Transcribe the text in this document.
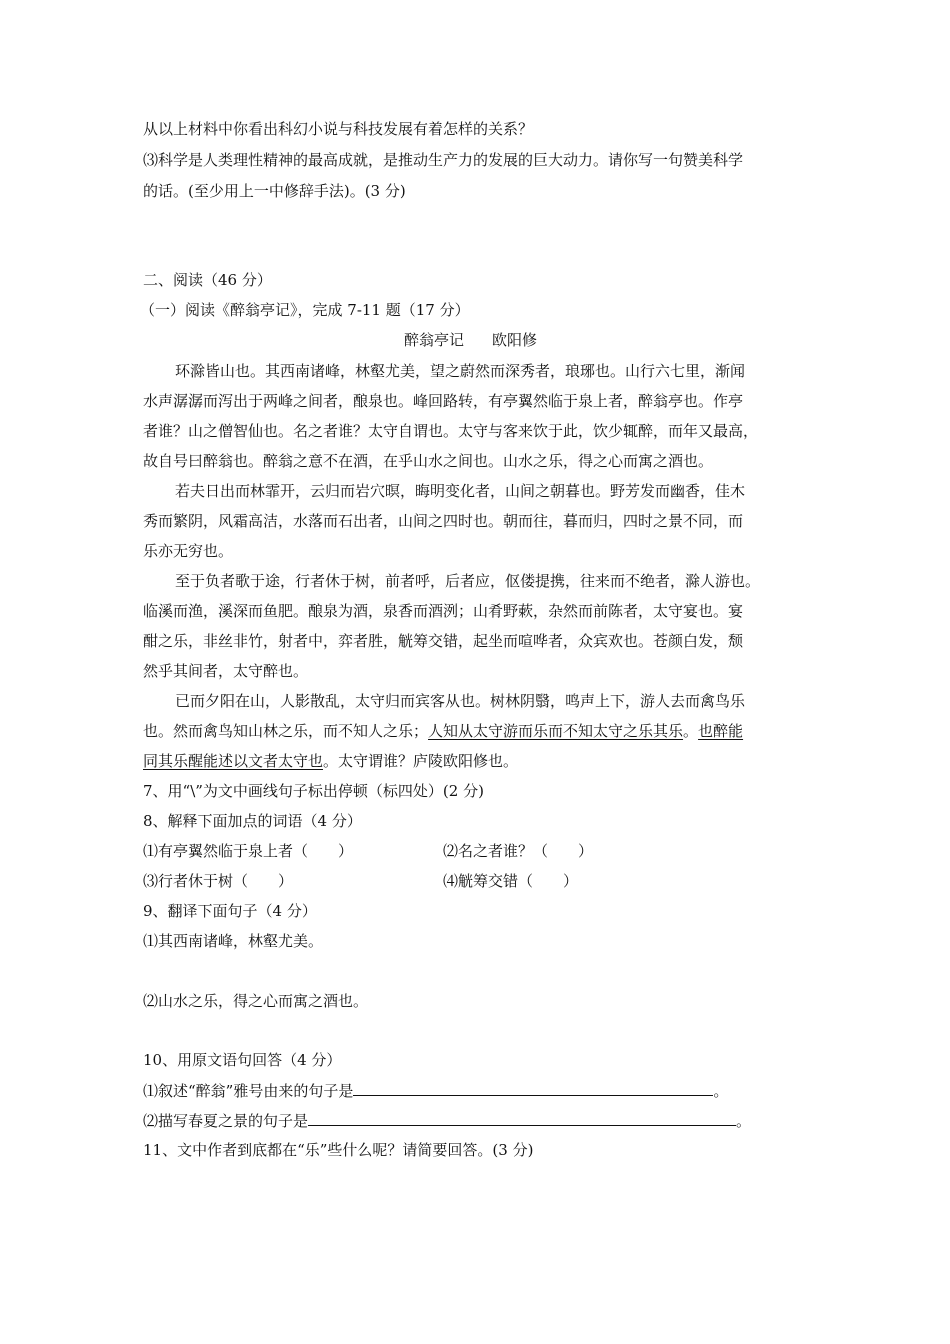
从以上材料中你看出科幻小说与科技发展有着怎样的关系？
⑶科学是人类理性精神的最高成就，是推动生产力的发展的巨大动力。请你写一句赞美科学
的话。(至少用上一中修辞手法)。(3 分)
二、阅读（46 分）
（一）阅读《醉翁亭记》，完成 7-11 题（17 分）
醉翁亭记 欧阳修
环滁皆山也。其西南诸峰，林壑尤美，望之蔚然而深秀者，琅琊也。山行六七里，渐闻
水声潺潺而泻出于两峰之间者，酿泉也。峰回路转，有亭翼然临于泉上者，醉翁亭也。作亭
者谁？山之僧智仙也。名之者谁？太守自谓也。太守与客来饮于此，饮少辄醉，而年又最高，
故自号曰醉翁也。醉翁之意不在酒，在乎山水之间也。山水之乐，得之心而寓之酒也。
若夫日出而林霏开，云归而岩穴暝，晦明变化者，山间之朝暮也。野芳发而幽香，佳木
秀而繁阴，风霜高洁，水落而石出者，山间之四时也。朝而往，暮而归，四时之景不同，而
乐亦无穷也。
至于负者歌于途，行者休于树，前者呼，后者应，伛偻提携，往来而不绝者，滁人游也。
临溪而渔，溪深而鱼肥。酿泉为酒，泉香而酒洌；山肴野蔌，杂然而前陈者，太守宴也。宴
酣之乐，非丝非竹，射者中，弈者胜，觥筹交错，起坐而喧哗者，众宾欢也。苍颜白发，颓
然乎其间者，太守醉也。
已而夕阳在山，人影散乱，太守归而宾客从也。树林阴翳，鸣声上下，游人去而禽鸟乐
也。然而禽鸟知山林之乐，而不知人之乐；人知从太守游而乐而不知太守之乐其乐。也醉能
同其乐醒能述以文者太守也。太守谓谁？庐陵欧阳修也。
7、用“\”为文中画线句子标出停顿（标四处）(2 分)
8、解释下面加点的词语（4 分）
⑴有亭翼然临于泉上者（　　）	⑵名之者谁？（　　）
⑶行者休于树（　　）	⑷觥筹交错（　　）
9、翻译下面句子（4 分）
⑴其西南诸峰，林壑尤美。
⑵山水之乐，得之心而寓之酒也。
10、用原文语句回答（4 分）
⑴叙述“醉翁”雅号由来的句子是	。
⑵描写春夏之景的句子是	。
11、文中作者到底都在“乐”些什么呢？请简要回答。(3 分)
